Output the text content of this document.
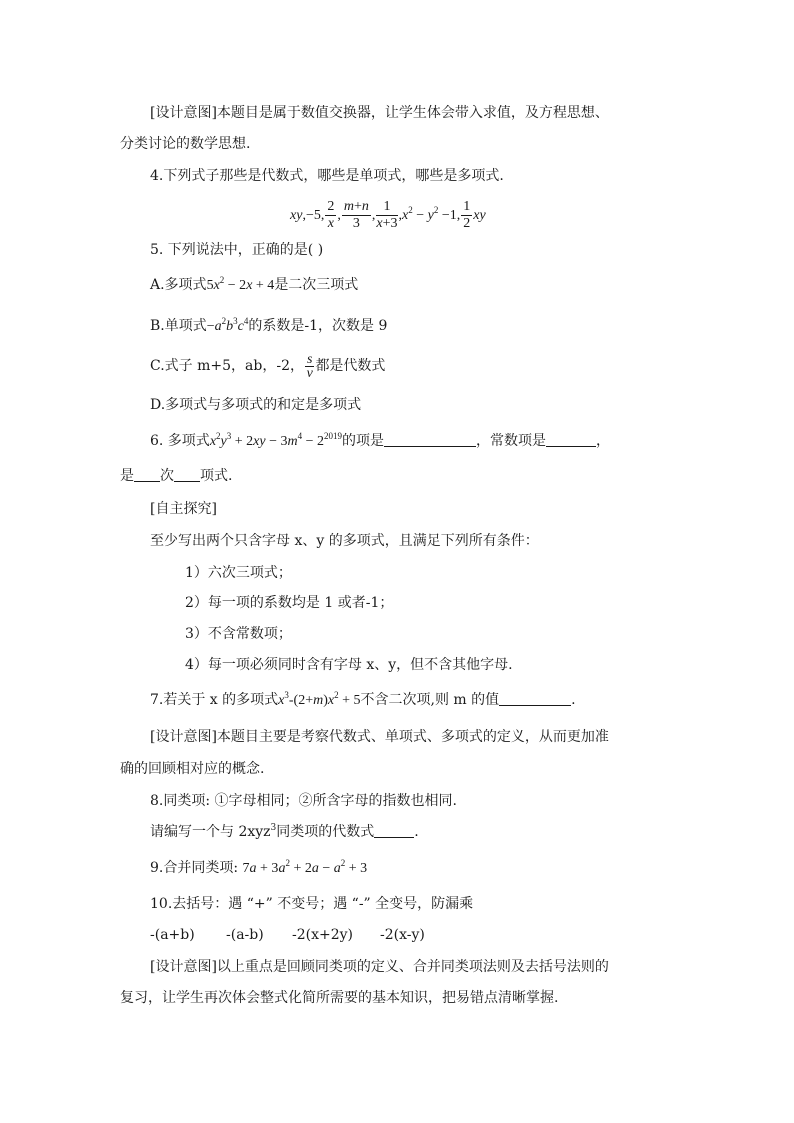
[设计意图]本题目是属于数值交换器，让学生体会带入求值，及方程思想、
分类讨论的数学思想.
4.下列式子那些是代数式，哪些是单项式，哪些是多项式.
xy,−5, $\frac{2}{x}$ , $\frac{m+n}{3}$ , $\frac{1}{x+3} ,x^2 - y^2 -1$, $\frac{1}{2}$ xy
5. 下列说法中，正确的是( )
A.多项式$5x^2 - 2x + 4$是二次三项式
B.单项式$-a^2b^3c^4$的系数是-1，次数是 9
C.式子 m+5，ab，-2， $\frac{s}{v}$ 都是代数式
D.多项式与多项式的和定是多项式
6. 多项式$x^2y^3 + 2xy - 3m^4 - 2^{2019}$的项是	，常数项是	，
是 次 项式.
[自主探究]
至少写出两个只含字母 x、y 的多项式，且满足下列所有条件：
1）六次三项式；
2）每一项的系数均是 1 或者-1；
3）不含常数项；
4）每一项必须同时含有字母 x、y，但不含其他字母.
7.若关于 x 的多项式$x^3-(2+m)x^2 + 5$不含二次项,则 m 的值	.
[设计意图]本题目主要是考察代数式、单项式、多项式的定义，从而更加准
确的回顾相对应的概念.
8.同类项: ①字母相同；②所含字母的指数也相同.
请编写一个与 2xyz$^3$同类项的代数式	.
9.合并同类项: $7a + 3a^2 + 2a - a^2 + 3$
10.去括号：遇 “+” 不变号；遇 “-” 全变号，防漏乘
-(a+b) -(a-b) -2(x+2y) -2(x-y)
[设计意图]以上重点是回顾同类项的定义、合并同类项法则及去括号法则的
复习，让学生再次体会整式化简所需要的基本知识，把易错点清晰掌握.
